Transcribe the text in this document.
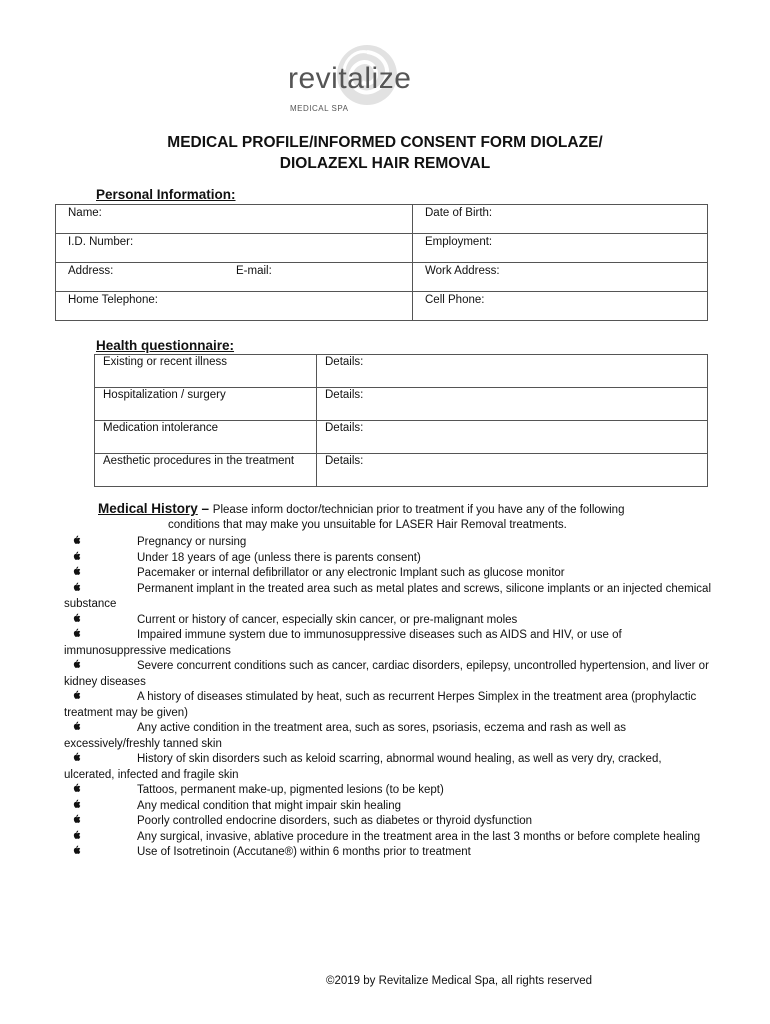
revitalize
MEDICAL SPA
MEDICAL PROFILE/INFORMED CONSENT FORM DIOLAZE/
DIOLAZEXL HAIR REMOVAL
Personal Information:
Name:	Date of Birth:
I.D. Number:	Employment:
Address: E-mail:	Work Address:
Home Telephone:	Cell Phone:
Health questionnaire:
Existing or recent illness	Details:
Hospitalization / surgery	Details:
Medication intolerance	Details:
Aesthetic procedures in the treatment	Details:
Medical History – Please inform doctor/technician prior to treatment if you have any of the following
conditions that may make you unsuitable for LASER Hair Removal treatments.
Pregnancy or nursing
Under 18 years of age (unless there is parents consent)
Pacemaker or internal defibrillator or any electronic Implant such as glucose monitor
Permanent implant in the treated area such as metal plates and screws, silicone implants or an injected chemical substance
Current or history of cancer, especially skin cancer, or pre-malignant moles
Impaired immune system due to immunosuppressive diseases such as AIDS and HIV, or use of immunosuppressive medications
Severe concurrent conditions such as cancer, cardiac disorders, epilepsy, uncontrolled hypertension, and liver or kidney diseases
A history of diseases stimulated by heat, such as recurrent Herpes Simplex in the treatment area (prophylactic treatment may be given)
Any active condition in the treatment area, such as sores, psoriasis, eczema and rash as well as excessively/freshly tanned skin
History of skin disorders such as keloid scarring, abnormal wound healing, as well as very dry, cracked, ulcerated, infected and fragile skin
Tattoos, permanent make-up, pigmented lesions (to be kept)
Any medical condition that might impair skin healing
Poorly controlled endocrine disorders, such as diabetes or thyroid dysfunction
Any surgical, invasive, ablative procedure in the treatment area in the last 3 months or before complete healing
Use of Isotretinoin (Accutane®) within 6 months prior to treatment
©2019 by Revitalize Medical Spa, all rights reserved
